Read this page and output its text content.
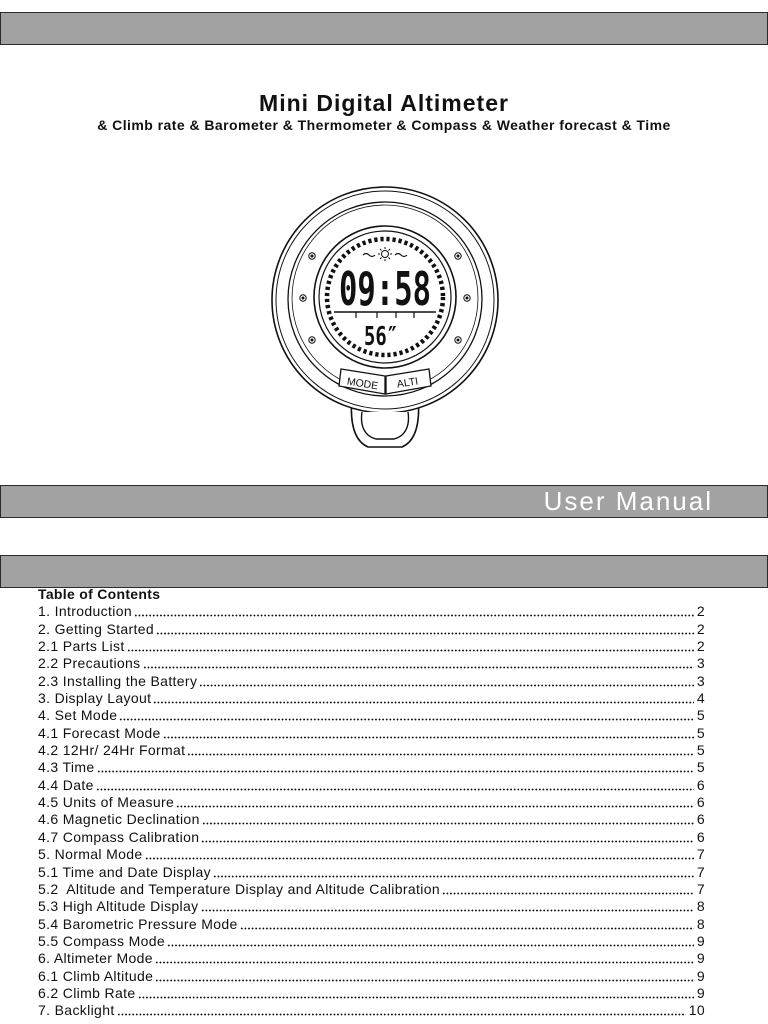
Mini Digital Altimeter
& Climb rate & Barometer & Thermometer & Compass & Weather forecast & Time
09:58
56″
MODE ALTI
User Manual
Table of Contents
1. Introduction	2
2. Getting Started	2
2.1 Parts List	2
2.2 Precautions	3
2.3 Installing the Battery	3
3. Display Layout	4
4. Set Mode	5
4.1 Forecast Mode	5
4.2 12Hr/ 24Hr Format	5
4.3 Time	5
4.4 Date	6
4.5 Units of Measure	6
4.6 Magnetic Declination	6
4.7 Compass Calibration	6
5. Normal Mode	7
5.1 Time and Date Display	7
5.2  Altitude and Temperature Display and Altitude Calibration	7
5.3 High Altitude Display	8
5.4 Barometric Pressure Mode	8
5.5 Compass Mode	9
6. Altimeter Mode	9
6.1 Climb Altitude	9
6.2 Climb Rate	9
7. Backlight	10
